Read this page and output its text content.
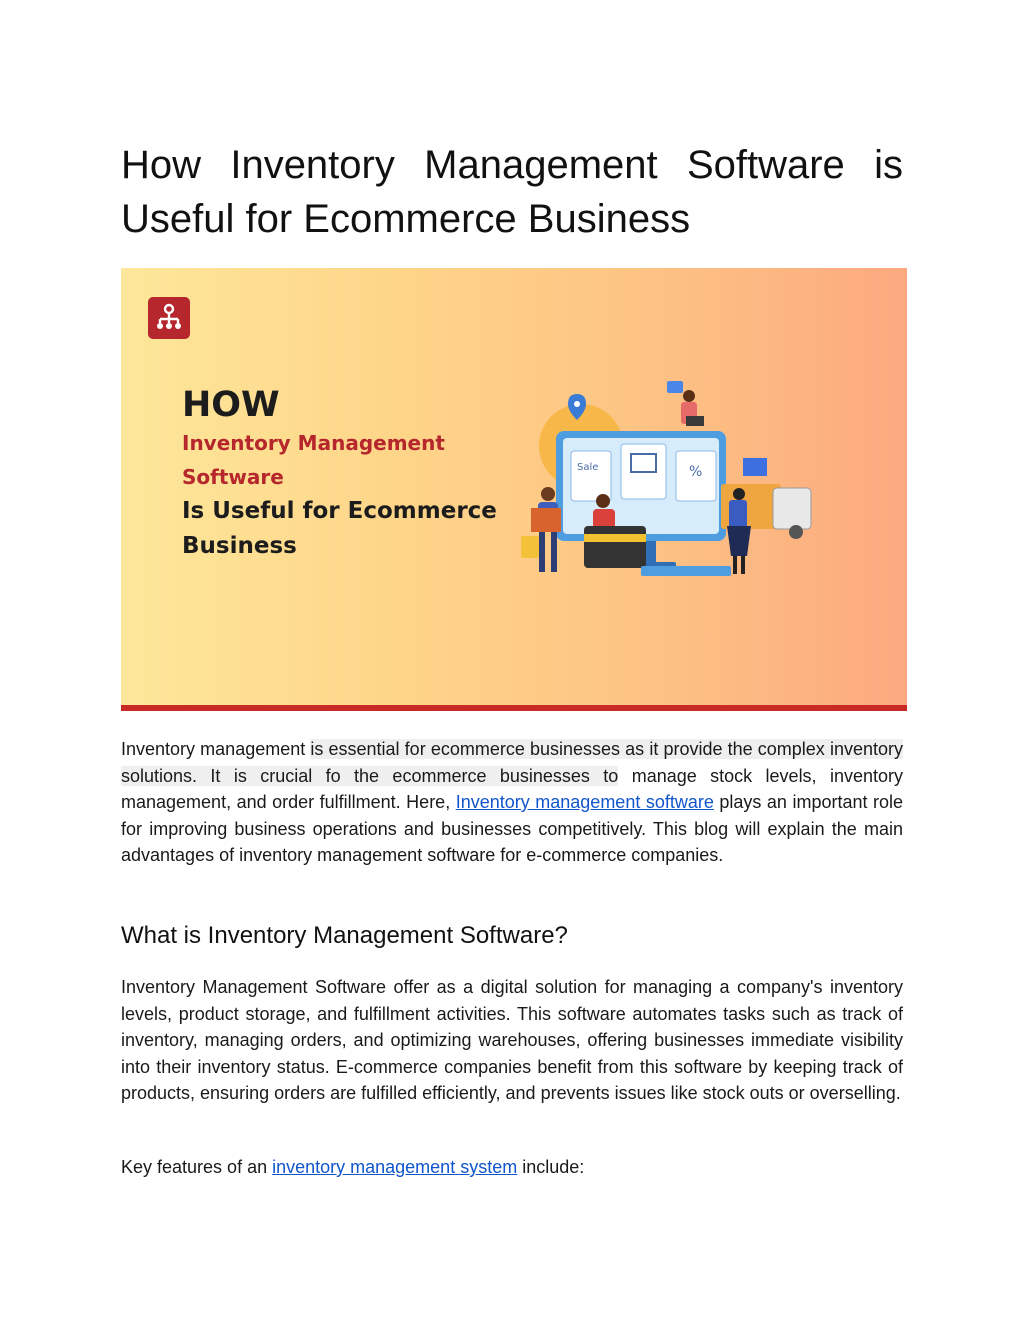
How Inventory Management Software is Useful for Ecommerce Business
HOW
Inventory Management
Software
Is Useful for Ecommerce
Business
Sale	%

Inventory management is essential for ecommerce businesses as it provide the complex inventory solutions. It is crucial fo the ecommerce businesses to manage stock levels, inventory management, and order fulfillment. Here, Inventory management software plays an important role for improving business operations and businesses competitively. This blog will explain the main advantages of inventory management software for e-commerce companies.

What is Inventory Management Software?

Inventory Management Software offer as a digital solution for managing a company's inventory levels, product storage, and fulfillment activities. This software automates tasks such as track of inventory, managing orders, and optimizing warehouses, offering businesses immediate visibility into their inventory status. E-commerce companies benefit from this software by keeping track of products, ensuring orders are fulfilled efficiently, and prevents issues like stock outs or overselling.

Key features of an inventory management system include:
